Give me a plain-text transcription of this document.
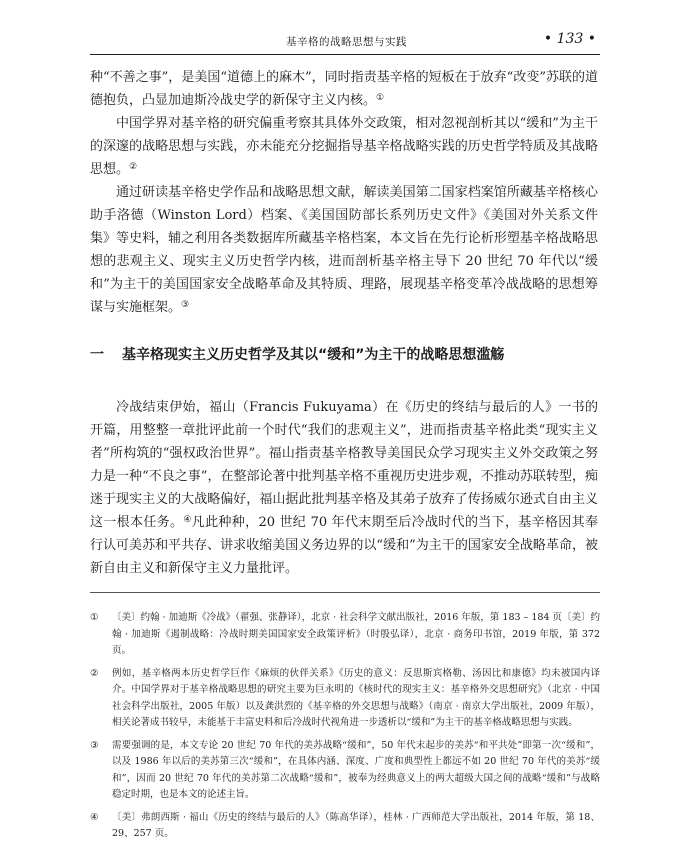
基辛格的战略思想与实践	• 133 •

种“不善之事”，是美国“道德上的麻木”，同时指责基辛格的短板在于放弃“改变”苏联的道德抱负，凸显加迪斯冷战史学的新保守主义内核。①

中国学界对基辛格的研究偏重考察其具体外交政策，相对忽视剖析其以“缓和”为主干的深邃的战略思想与实践，亦未能充分挖掘指导基辛格战略实践的历史哲学特质及其战略思想。②

通过研读基辛格史学作品和战略思想文献，解读美国第二国家档案馆所藏基辛格核心助手洛德（Winston Lord）档案、《美国国防部长系列历史文件》《美国对外关系文件集》等史料，辅之利用各类数据库所藏基辛格档案，本文旨在先行论析形塑基辛格战略思想的悲观主义、现实主义历史哲学内核，进而剖析基辛格主导下 20 世纪 70 年代以“缓和”为主干的美国国家安全战略革命及其特质、理路，展现基辛格变革冷战战略的思想筹谋与实施框架。③

一 基辛格现实主义历史哲学及其以“缓和”为主干的战略思想滥觞

冷战结束伊始，福山（Francis Fukuyama）在《历史的终结与最后的人》一书的开篇，用整整一章批评此前一个时代“我们的悲观主义”，进而指责基辛格此类“现实主义者”所构筑的“强权政治世界”。福山指责基辛格教导美国民众学习现实主义外交政策之努力是一种“不良之事”，在整部论著中批判基辛格不重视历史进步观，不推动苏联转型，痴迷于现实主义的大战略偏好，福山据此批判基辛格及其弟子放弃了传扬威尔逊式自由主义这一根本任务。④凡此种种，20 世纪 70 年代末期至后冷战时代的当下，基辛格因其奉行认可美苏和平共存、讲求收缩美国义务边界的以“缓和”为主干的国家安全战略革命，被新自由主义和新保守主义力量批评。

① 〔美〕约翰 · 加迪斯《冷战》（翟强、张静译），北京 · 社会科学文献出版社，2016 年版，第 183 – 184 页〔美〕约翰 · 加迪斯《遏制战略：冷战时期美国国家安全政策评析》（时殷弘译），北京 · 商务印书馆，2019 年版，第 372 页。
② 例如，基辛格两本历史哲学巨作《麻烦的伙伴关系》《历史的意义：反思斯宾格勒、汤因比和康德》均未被国内译介。中国学界对于基辛格战略思想的研究主要为巨永明的《核时代的现实主义：基辛格外交思想研究》（北京 · 中国社会科学出版社，2005 年版）以及龚洪烈的《基辛格的外交思想与战略》（南京 · 南京大学出版社，2009 年版），相关论著成书较早，未能基于丰富史料和后冷战时代视角进一步透析以“缓和”为主干的基辛格战略思想与实践。
③ 需要强调的是，本文专论 20 世纪 70 年代的美苏战略“缓和”，50 年代末起步的美苏“和平共处”即第一次“缓和”，以及 1986 年以后的美苏第三次“缓和”，在具体内涵、深度、广度和典型性上都远不如 20 世纪 70 年代的美苏“缓和”，因而 20 世纪 70 年代的美苏第二次战略“缓和”，被奉为经典意义上的两大超级大国之间的战略“缓和”与战略稳定时期，也是本文的论述主旨。
④ 〔美〕弗朗西斯 · 福山《历史的终结与最后的人》（陈高华译），桂林 · 广西师范大学出版社，2014 年版，第 18、29、257 页。
